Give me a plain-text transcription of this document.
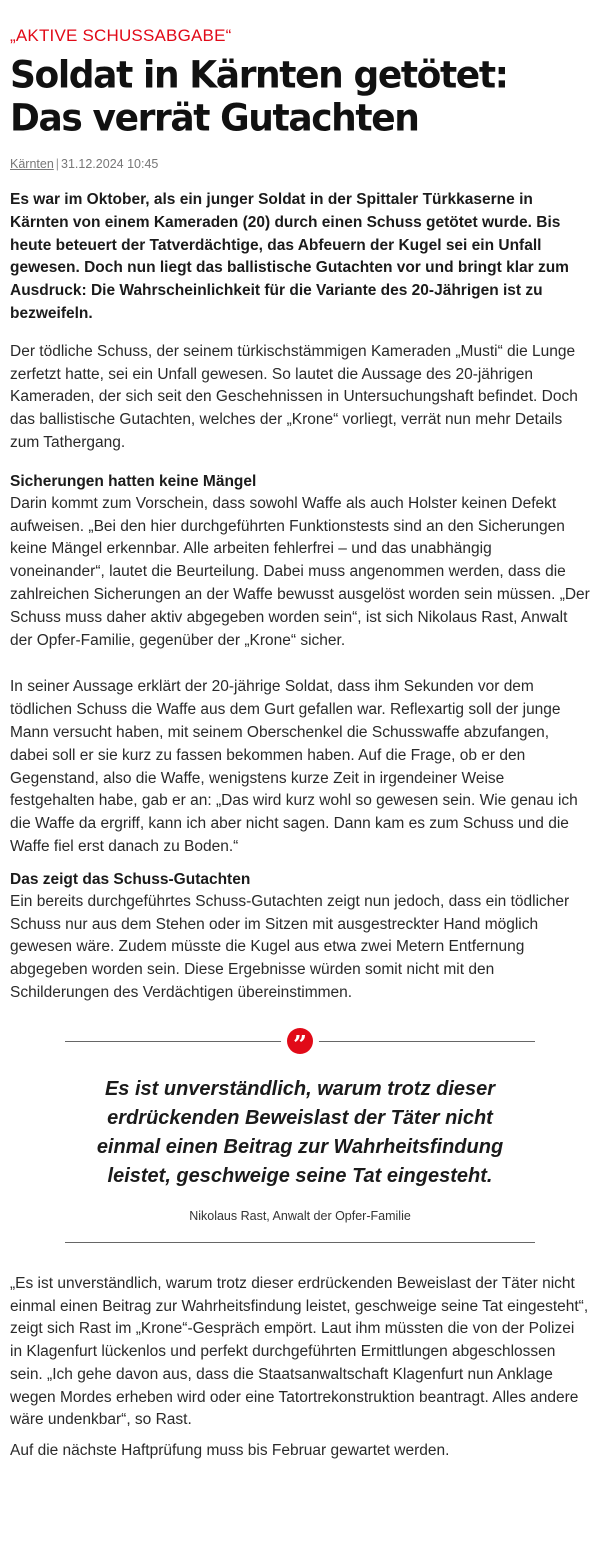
„AKTIVE SCHUSSABGABE“
Soldat in Kärnten getötet: Das verrät Gutachten
Kärnten | 31.12.2024 10:45

Es war im Oktober, als ein junger Soldat in der Spittaler Türkkaserne in Kärnten von einem Kameraden (20) durch einen Schuss getötet wurde. Bis heute beteuert der Tatverdächtige, das Abfeuern der Kugel sei ein Unfall gewesen. Doch nun liegt das ballistische Gutachten vor und bringt klar zum Ausdruck: Die Wahrscheinlichkeit für die Variante des 20-Jährigen ist zu bezweifeln.

Der tödliche Schuss, der seinem türkischstämmigen Kameraden „Musti“ die Lunge zerfetzt hatte, sei ein Unfall gewesen. So lautet die Aussage des 20-jährigen Kameraden, der sich seit den Geschehnissen in Untersuchungshaft befindet. Doch das ballistische Gutachten, welches der „Krone“ vorliegt, verrät nun mehr Details zum Tathergang.

Sicherungen hatten keine Mängel

Darin kommt zum Vorschein, dass sowohl Waffe als auch Holster keinen Defekt aufweisen. „Bei den hier durchgeführten Funktionstests sind an den Sicherungen keine Mängel erkennbar. Alle arbeiten fehlerfrei – und das unabhängig voneinander“, lautet die Beurteilung. Dabei muss angenommen werden, dass die zahlreichen Sicherungen an der Waffe bewusst ausgelöst worden sein müssen. „Der Schuss muss daher aktiv abgegeben worden sein“, ist sich Nikolaus Rast, Anwalt der Opfer-Familie, gegenüber der „Krone“ sicher.

In seiner Aussage erklärt der 20-jährige Soldat, dass ihm Sekunden vor dem tödlichen Schuss die Waffe aus dem Gurt gefallen war. Reflexartig soll der junge Mann versucht haben, mit seinem Oberschenkel die Schusswaffe abzufangen, dabei soll er sie kurz zu fassen bekommen haben. Auf die Frage, ob er den Gegenstand, also die Waffe, wenigstens kurze Zeit in irgendeiner Weise festgehalten habe, gab er an: „Das wird kurz wohl so gewesen sein. Wie genau ich die Waffe da ergriff, kann ich aber nicht sagen. Dann kam es zum Schuss und die Waffe fiel erst danach zu Boden.“

Das zeigt das Schuss-Gutachten

Ein bereits durchgeführtes Schuss-Gutachten zeigt nun jedoch, dass ein tödlicher Schuss nur aus dem Stehen oder im Sitzen mit ausgestreckter Hand möglich gewesen wäre. Zudem müsste die Kugel aus etwa zwei Metern Entfernung abgegeben worden sein. Diese Ergebnisse würden somit nicht mit den Schilderungen des Verdächtigen übereinstimmen.

”

Es ist unverständlich, warum trotz dieser erdrückenden Beweislast der Täter nicht einmal einen Beitrag zur Wahrheitsfindung leistet, geschweige seine Tat eingesteht.

Nikolaus Rast, Anwalt der Opfer-Familie

„Es ist unverständlich, warum trotz dieser erdrückenden Beweislast der Täter nicht einmal einen Beitrag zur Wahrheitsfindung leistet, geschweige seine Tat eingesteht“, zeigt sich Rast im „Krone“-Gespräch empört. Laut ihm müssten die von der Polizei in Klagenfurt lückenlos und perfekt durchgeführten Ermittlungen abgeschlossen sein. „Ich gehe davon aus, dass die Staatsanwaltschaft Klagenfurt nun Anklage wegen Mordes erheben wird oder eine Tatortrekonstruktion beantragt. Alles andere wäre undenkbar“, so Rast.

Auf die nächste Haftprüfung muss bis Februar gewartet werden.
